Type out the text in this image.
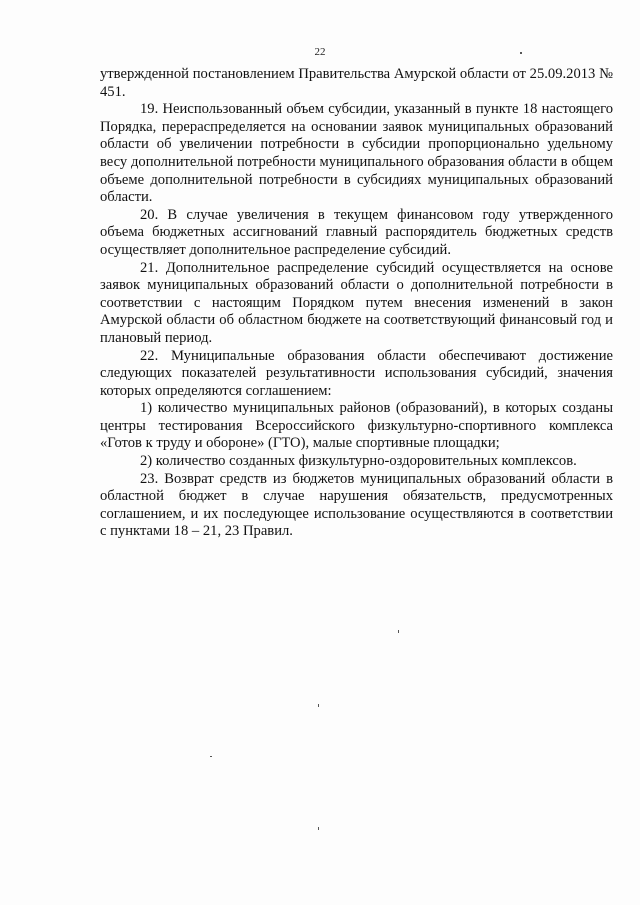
22

утвержденной постановлением Правительства Амурской области от 25.09.2013 № 451.

19. Неиспользованный объем субсидии, указанный в пункте 18 настоящего Порядка, перераспределяется на основании заявок муниципальных образований области об увеличении потребности в субсидии пропорционально удельному весу дополнительной потребности муниципального образования области в общем объеме дополнительной потребности в субсидиях муниципальных образований области.

20. В случае увеличения в текущем финансовом году утвержденного объема бюджетных ассигнований главный распорядитель бюджетных средств осуществляет дополнительное распределение субсидий.

21. Дополнительное распределение субсидий осуществляется на основе заявок муниципальных образований области о дополнительной потребности в соответствии с настоящим Порядком путем внесения изменений в закон Амурской области об областном бюджете на соответствующий финансовый год и плановый период.

22. Муниципальные образования области обеспечивают достижение следующих показателей результативности использования субсидий, значения которых определяются соглашением:

1) количество муниципальных районов (образований), в которых созданы центры тестирования Всероссийского физкультурно-спортивного комплекса «Готов к труду и обороне» (ГТО), малые спортивные площадки;

2) количество созданных физкультурно-оздоровительных комплексов.

23. Возврат средств из бюджетов муниципальных образований области в областной бюджет в случае нарушения обязательств, предусмотренных соглашением, и их последующее использование осуществляются в соответствии с пунктами 18 – 21, 23 Правил.
